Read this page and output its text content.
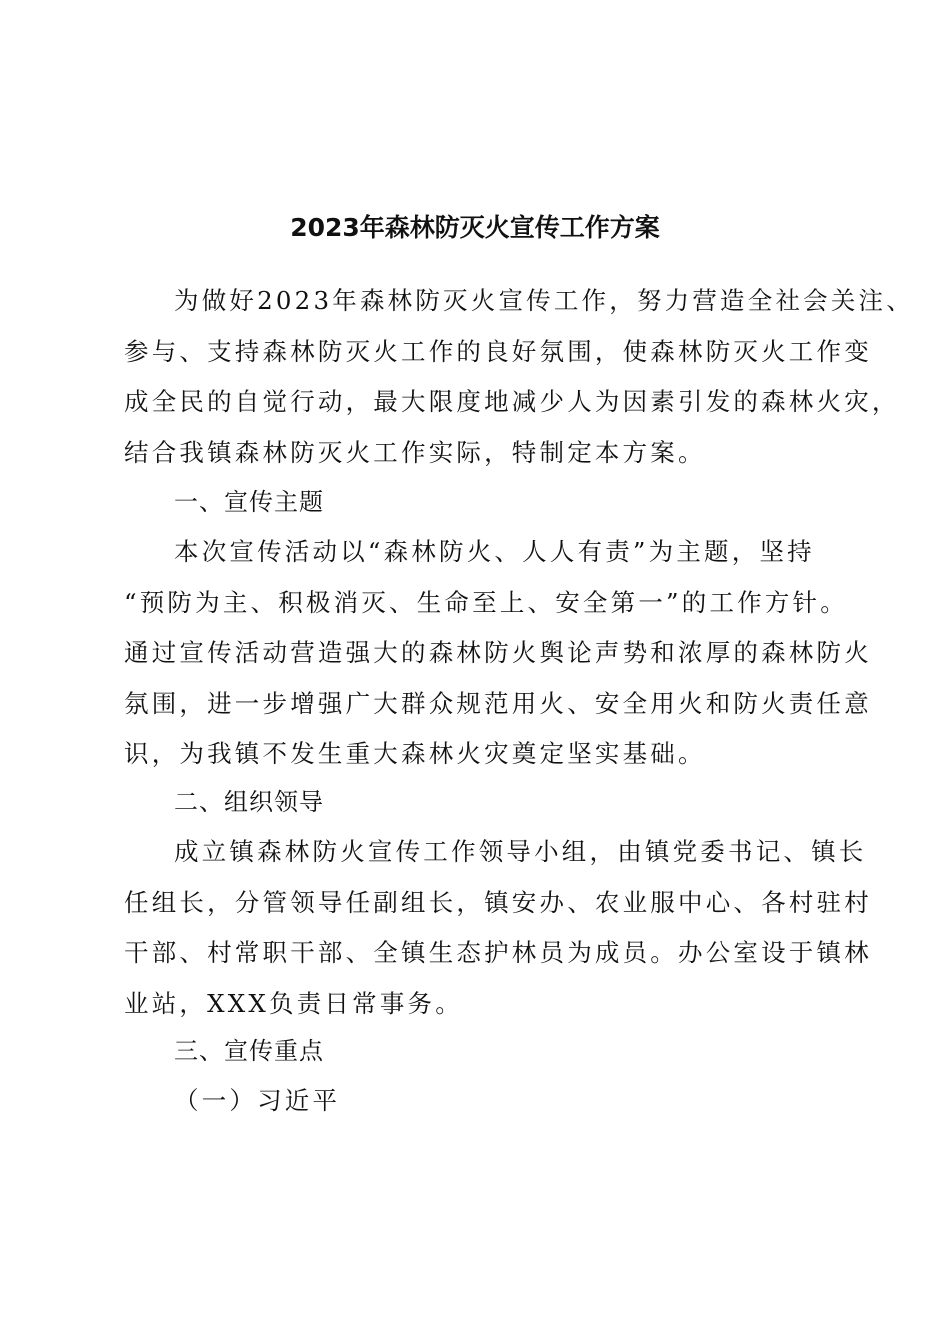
2023年森林防灭火宣传工作方案
为做好2023年森林防灭火宣传工作，努力营造全社会关注、
参与、支持森林防灭火工作的良好氛围，使森林防灭火工作变
成全民的自觉行动，最大限度地减少人为因素引发的森林火灾，
结合我镇森林防灭火工作实际，特制定本方案。
一、宣传主题
本次宣传活动以“森林防火、人人有责”为主题，坚持
“预防为主、积极消灭、生命至上、安全第一”的工作方针。
通过宣传活动营造强大的森林防火舆论声势和浓厚的森林防火
氛围，进一步增强广大群众规范用火、安全用火和防火责任意
识，为我镇不发生重大森林火灾奠定坚实基础。
二、组织领导
成立镇森林防火宣传工作领导小组，由镇党委书记、镇长
任组长，分管领导任副组长，镇安办、农业服中心、各村驻村
干部、村常职干部、全镇生态护林员为成员。办公室设于镇林
业站，XXX负责日常事务。
三、宣传重点
（一）习近平
